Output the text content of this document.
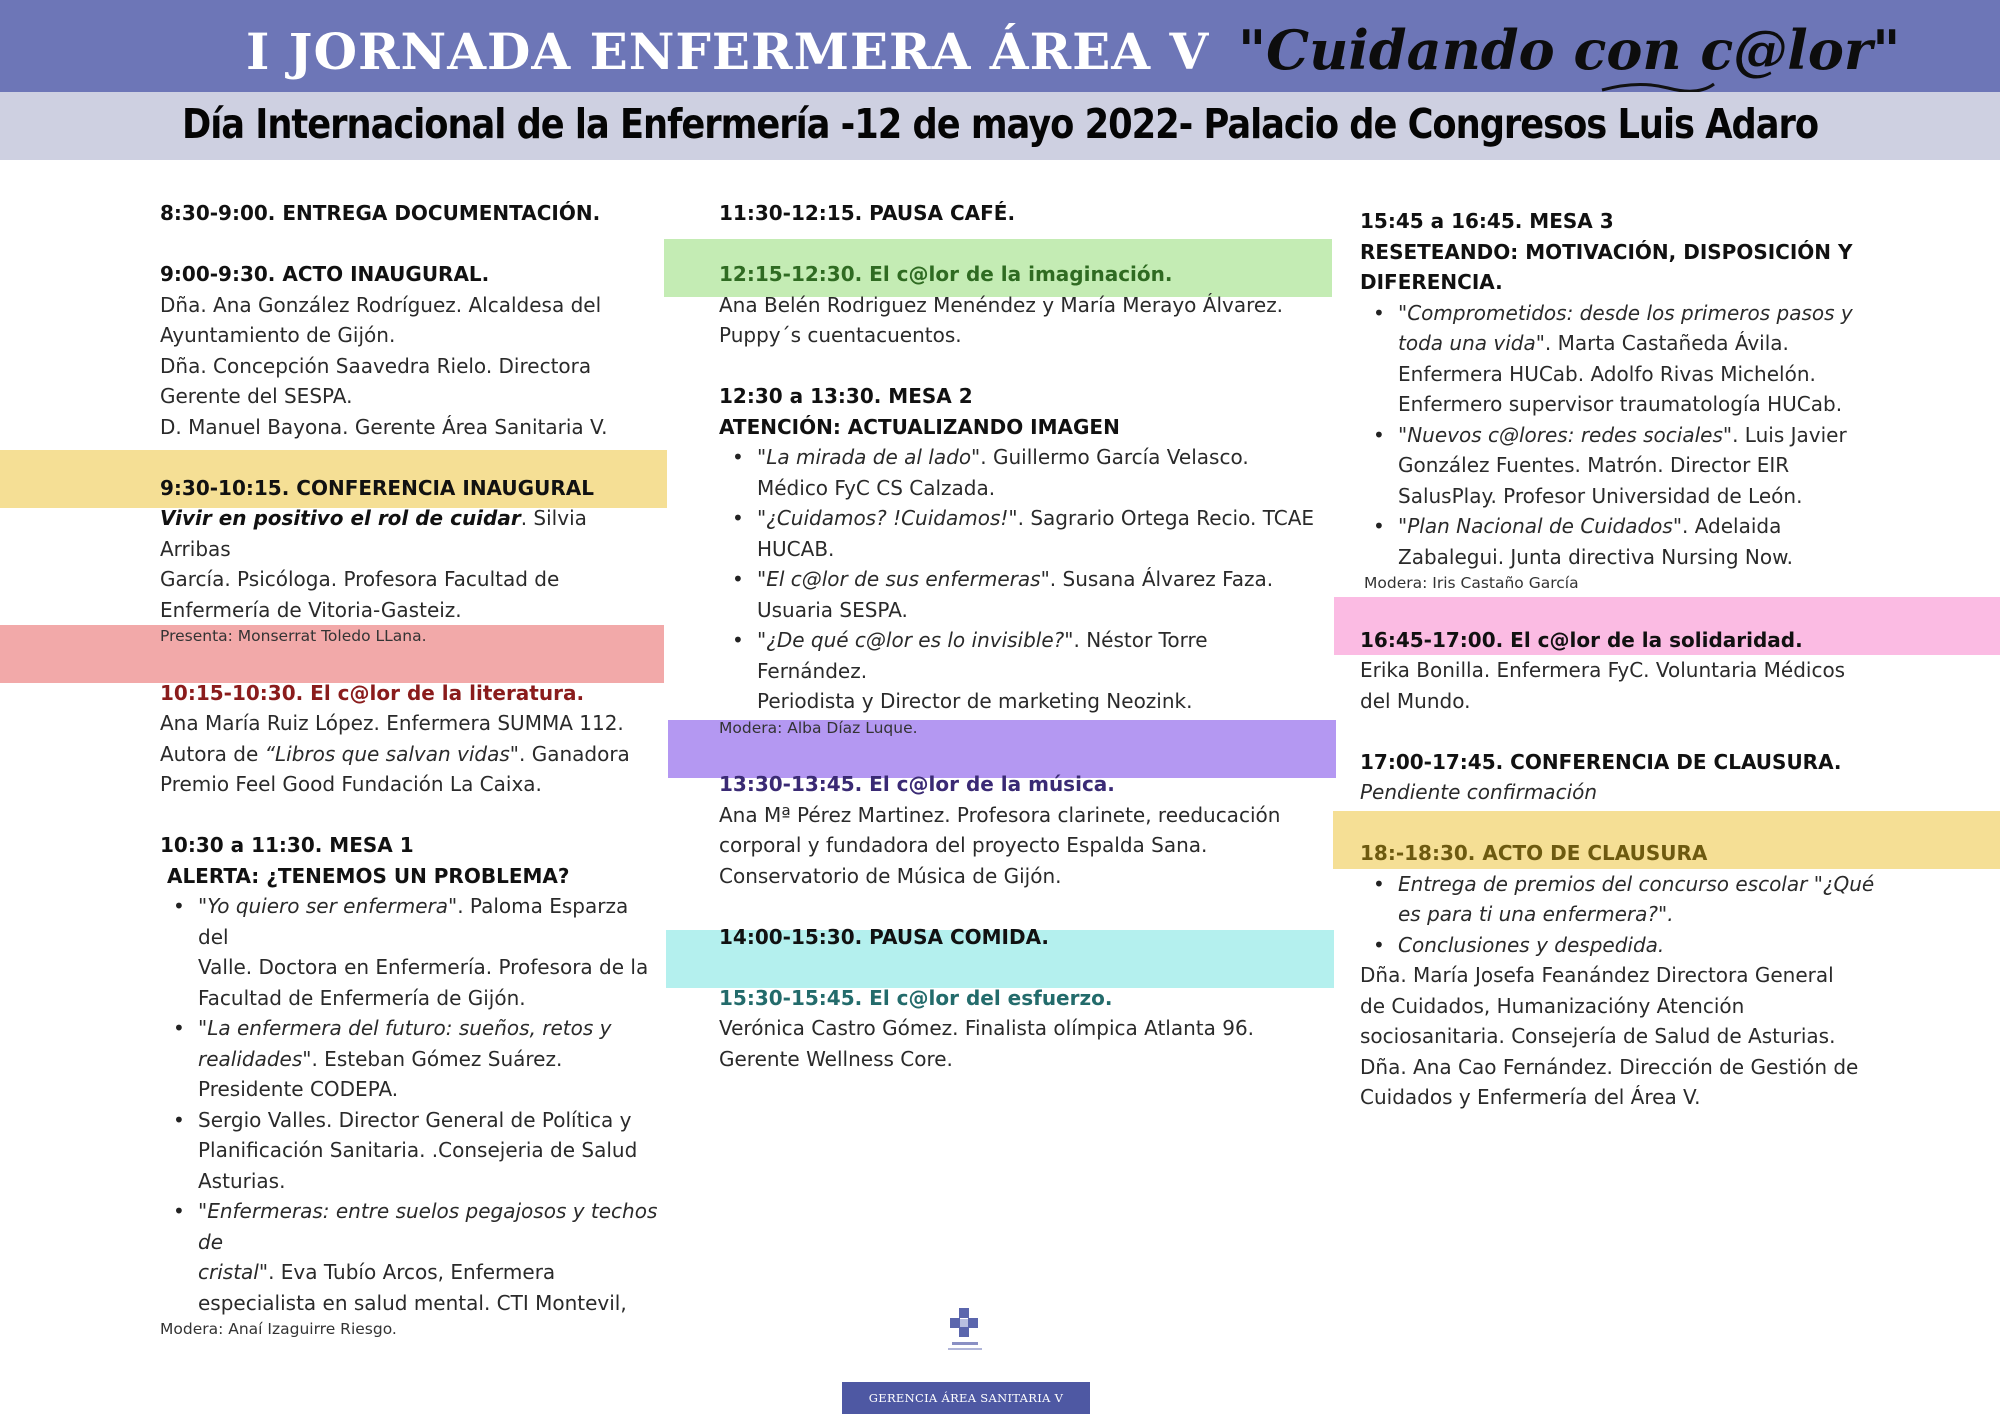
I JORNADA ENFERMERA ÁREA V "Cuidando con c@lor"
Día Internacional de la Enfermería -12 de mayo 2022- Palacio de Congresos Luis Adaro

8:30-9:00. ENTREGA DOCUMENTACIÓN.

9:00-9:30. ACTO INAUGURAL.

Dña. Ana González Rodríguez. Alcaldesa del

Ayuntamiento de Gijón.

Dña. Concepción Saavedra Rielo. Directora

Gerente del SESPA.

D. Manuel Bayona. Gerente Área Sanitaria V.

9:30-10:15. CONFERENCIA INAUGURAL

Vivir en positivo el rol de cuidar. Silvia Arribas

García. Psicóloga. Profesora Facultad de

Enfermería de Vitoria-Gasteiz.

Presenta: Monserrat Toledo LLana.

10:15-10:30. El c@lor de la literatura.

Ana María Ruiz López. Enfermera SUMMA 112.

Autora de “Libros que salvan vidas". Ganadora

Premio Feel Good Fundación La Caixa.

10:30 a 11:30. MESA 1

ALERTA: ¿TENEMOS UN PROBLEMA?

• "Yo quiero ser enfermera". Paloma Esparza del
Valle. Doctora en Enfermería. Profesora de la
Facultad de Enfermería de Gijón.
• "La enfermera del futuro: sueños, retos y
realidades". Esteban Gómez Suárez.
Presidente CODEPA.
• Sergio Valles. Director General de Política y
Planificación Sanitaria. .Consejeria de Salud
Asturias.
• "Enfermeras: entre suelos pegajosos y techos de
cristal". Eva Tubío Arcos, Enfermera
especialista en salud mental. CTI Montevil,

Modera: Anaí Izaguirre Riesgo.

11:30-12:15. PAUSA CAFÉ.

12:15-12:30. El c@lor de la imaginación.

Ana Belén Rodriguez Menéndez y María Merayo Álvarez.

Puppy´s cuentacuentos.

12:30 a 13:30. MESA 2

ATENCIÓN: ACTUALIZANDO IMAGEN

• "La mirada de al lado". Guillermo García Velasco.
Médico FyC CS Calzada.
• "¿Cuidamos? !Cuidamos!". Sagrario Ortega Recio. TCAE
HUCAB.
• "El c@lor de sus enfermeras". Susana Álvarez Faza.
Usuaria SESPA.
• "¿De qué c@lor es lo invisible?". Néstor Torre Fernández.
Periodista y Director de marketing Neozink.

Modera: Alba Díaz Luque.

13:30-13:45. El c@lor de la música.

Ana Mª Pérez Martinez. Profesora clarinete, reeducación

corporal y fundadora del proyecto Espalda Sana.

Conservatorio de Música de Gijón.

14:00-15:30. PAUSA COMIDA.

15:30-15:45. El c@lor del esfuerzo.

Verónica Castro Gómez. Finalista olímpica Atlanta 96.

Gerente Wellness Core.

15:45 a 16:45. MESA 3

RESETEANDO: MOTIVACIÓN, DISPOSICIÓN Y

DIFERENCIA.

• "Comprometidos: desde los primeros pasos y
toda una vida". Marta Castañeda Ávila.
Enfermera HUCab. Adolfo Rivas Michelón.
Enfermero supervisor traumatología HUCab.
• "Nuevos c@lores: redes sociales". Luis Javier
González Fuentes. Matrón. Director EIR
SalusPlay. Profesor Universidad de León.
• "Plan Nacional de Cuidados". Adelaida
Zabalegui. Junta directiva Nursing Now.

Modera: Iris Castaño García

16:45-17:00. El c@lor de la solidaridad.

Erika Bonilla. Enfermera FyC. Voluntaria Médicos

del Mundo.

17:00-17:45. CONFERENCIA DE CLAUSURA.

Pendiente confirmación

18:-18:30. ACTO DE CLAUSURA

• Entrega de premios del concurso escolar "¿Qué
es para ti una enfermera?".
• Conclusiones y despedida.

Dña. María Josefa Feanández Directora General

de Cuidados, Humanizacióny Atención

sociosanitaria. Consejería de Salud de Asturias.

Dña. Ana Cao Fernández. Dirección de Gestión de

Cuidados y Enfermería del Área V.

GERENCIA ÁREA SANITARIA V
